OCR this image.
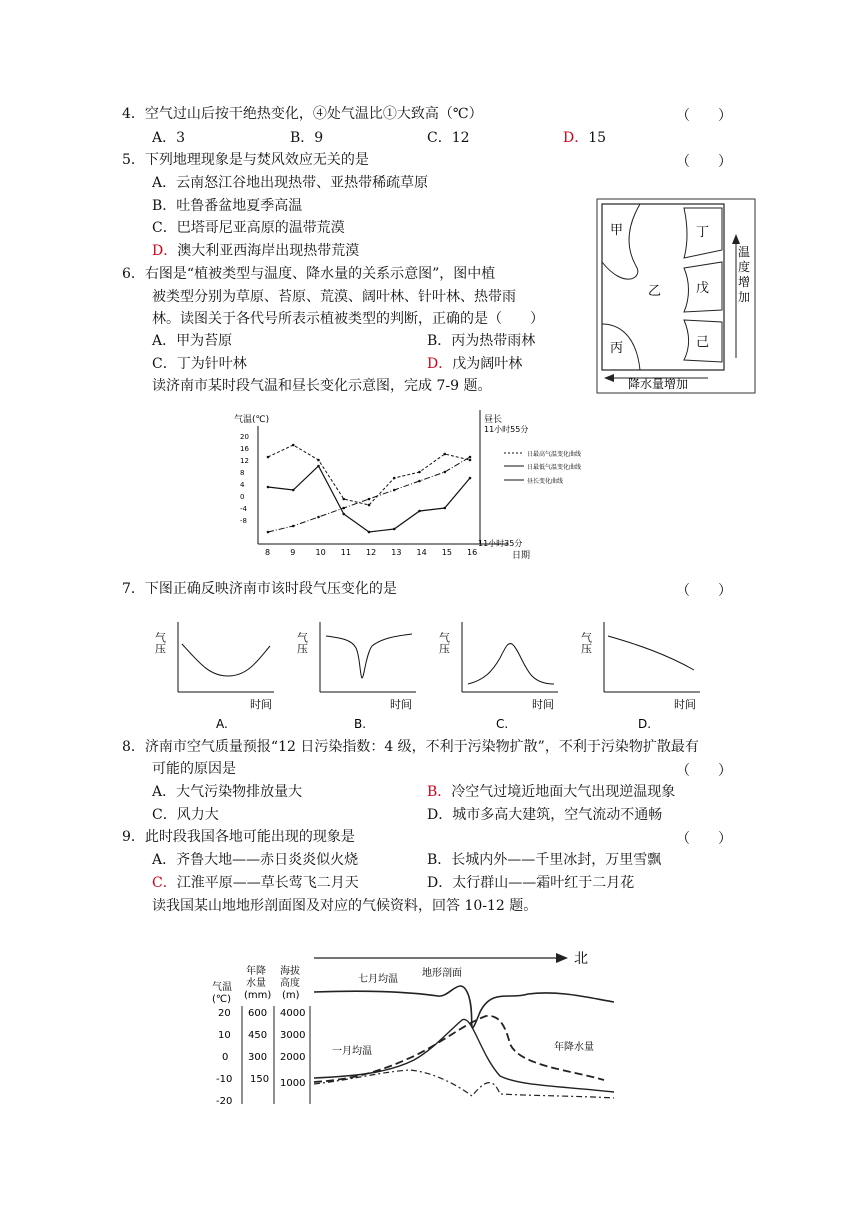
4．空气过山后按干绝热变化，④处气温比①大致高（℃）	（　　）
A．3	B．9	C．12	D．15
5．下列地理现象是与焚风效应无关的是	（　　）
A．云南怒江谷地出现热带、亚热带稀疏草原
B．吐鲁番盆地夏季高温
C．巴塔哥尼亚高原的温带荒漠
D．澳大利亚西海岸出现热带荒漠
6．右图是“植被类型与温度、降水量的关系示意图”，图中植
被类型分别为草原、苔原、荒漠、阔叶林、针叶林、热带雨
林。读图关于各代号所表示植被类型的判断，正确的是（　　）
A．甲为苔原	B．丙为热带雨林
C．丁为针叶林	D．戊为阔叶林
甲
乙
丙
丁
戊
己
温度增加
降水量增加
读济南市某时段气温和昼长变化示意图，完成 7-9 题。
气温(℃)	昼长
11小时55分
11小时35分
日期
20
16
12
8
4
0
-4
-8
8	9	10 11 12 13 14 15 16
日最高气温变化曲线
日最低气温变化曲线
昼长变化曲线
7．下图正确反映济南市该时段气压变化的是	（　　）
气压
时间
A.
气压
时间
B.
气压
时间
C.
气压
时间
D.
8．济南市空气质量预报“12 日污染指数：4 级，不利于污染物扩散”，不利于污染物扩散最有
可能的原因是	（　　）
A．大气污染物排放量大	B．冷空气过境近地面大气出现逆温现象
C．风力大	D．城市多高大建筑，空气流动不通畅
9．此时段我国各地可能出现的现象是	（　　）
A．齐鲁大地——赤日炎炎似火烧	B．长城内外——千里冰封，万里雪飘
C．江淮平原——草长莺飞二月天	D．太行群山——霜叶红于二月花
读我国某山地地形剖面图及对应的气候资料，回答 10-12 题。
北
气温
(℃)
年降
水量
(mm)
海拔
高度
(m)
20
10
0
-10
-20
600
450
300
150
4000
3000
2000
1000
七月均温
地形剖面
一月均温	年降水量
